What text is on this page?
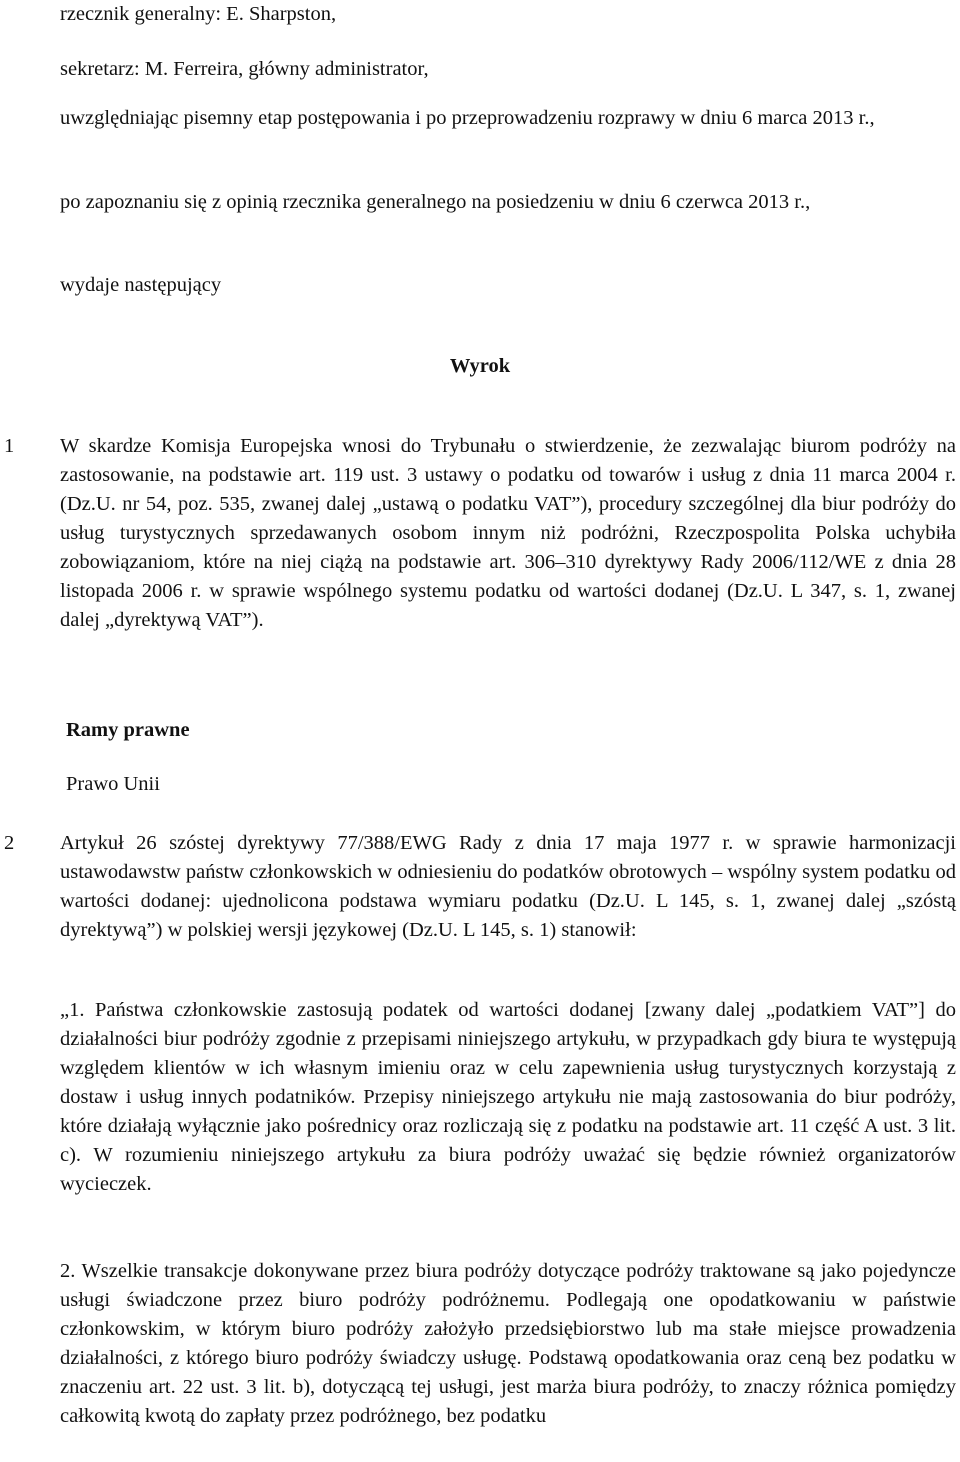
rzecznik generalny: E. Sharpston,

sekretarz: M. Ferreira, główny administrator,

uwzględniając pisemny etap postępowania i po przeprowadzeniu rozprawy w dniu 6 marca 2013 r.,

po zapoznaniu się z opinią rzecznika generalnego na posiedzeniu w dniu 6 czerwca 2013 r.,

wydaje następujący

Wyrok

1 W skardze Komisja Europejska wnosi do Trybunału o stwierdzenie, że zezwalając biurom podróży na zastosowanie, na podstawie art. 119 ust. 3 ustawy o podatku od towarów i usług z dnia 11 marca 2004 r. (Dz.U. nr 54, poz. 535, zwanej dalej „ustawą o podatku VAT”), procedury szczególnej dla biur podróży do usług turystycznych sprzedawanych osobom innym niż podróżni, Rzeczpospolita Polska uchybiła zobowiązaniom, które na niej ciążą na podstawie art. 306–310 dyrektywy Rady 2006/112/WE z dnia 28 listopada 2006 r. w sprawie wspólnego systemu podatku od wartości dodanej (Dz.U. L 347, s. 1, zwanej dalej „dyrektywą VAT”).

Ramy prawne

Prawo Unii

2 Artykuł 26 szóstej dyrektywy 77/388/EWG Rady z dnia 17 maja 1977 r. w sprawie harmonizacji ustawodawstw państw członkowskich w odniesieniu do podatków obrotowych – wspólny system podatku od wartości dodanej: ujednolicona podstawa wymiaru podatku (Dz.U. L 145, s. 1, zwanej dalej „szóstą dyrektywą”) w polskiej wersji językowej (Dz.U. L 145, s. 1) stanowił:

„1. Państwa członkowskie zastosują podatek od wartości dodanej [zwany dalej „podatkiem VAT”] do działalności biur podróży zgodnie z przepisami niniejszego artykułu, w przypadkach gdy biura te występują względem klientów w ich własnym imieniu oraz w celu zapewnienia usług turystycznych korzystają z dostaw i usług innych podatników. Przepisy niniejszego artykułu nie mają zastosowania do biur podróży, które działają wyłącznie jako pośrednicy oraz rozliczają się z podatku na podstawie art. 11 część A ust. 3 lit. c). W rozumieniu niniejszego artykułu za biura podróży uważać się będzie również organizatorów wycieczek.

2. Wszelkie transakcje dokonywane przez biura podróży dotyczące podróży traktowane są jako pojedyncze usługi świadczone przez biuro podróży podróżnemu. Podlegają one opodatkowaniu w państwie członkowskim, w którym biuro podróży założyło przedsiębiorstwo lub ma stałe miejsce prowadzenia działalności, z którego biuro podróży świadczy usługę. Podstawą opodatkowania oraz ceną bez podatku w znaczeniu art. 22 ust. 3 lit. b), dotyczącą tej usługi, jest marża biura podróży, to znaczy różnica pomiędzy całkowitą kwotą do zapłaty przez podróżnego, bez podatku
